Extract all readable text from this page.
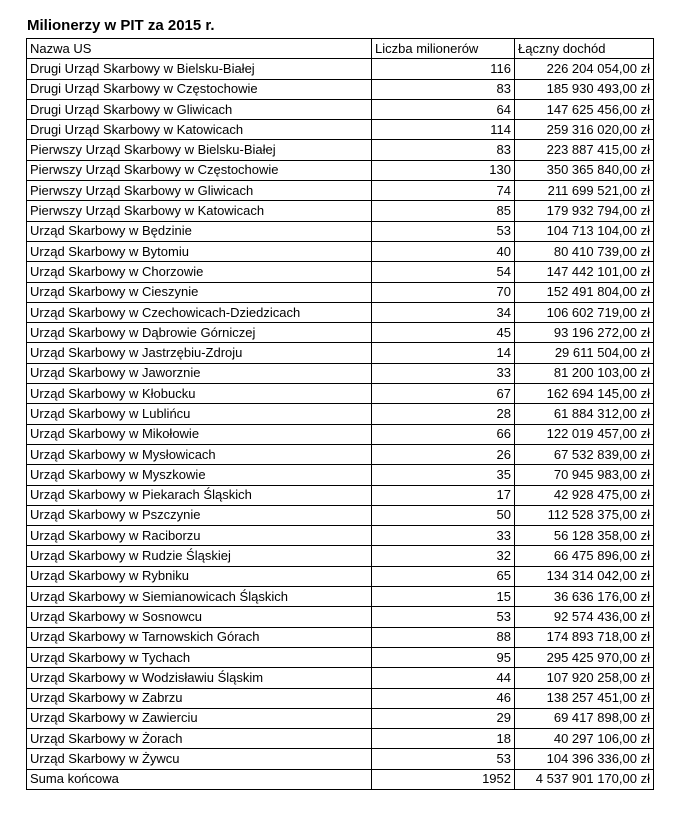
Milionerzy w PIT za 2015 r.
Nazwa US	Liczba milionerów	Łączny dochód
Drugi Urząd Skarbowy w Bielsku-Białej	116	226 204 054,00 zł
Drugi Urząd Skarbowy w Częstochowie	83	185 930 493,00 zł
Drugi Urząd Skarbowy w Gliwicach	64	147 625 456,00 zł
Drugi Urząd Skarbowy w Katowicach	114	259 316 020,00 zł
Pierwszy Urząd Skarbowy w Bielsku-Białej	83	223 887 415,00 zł
Pierwszy Urząd Skarbowy w Częstochowie	130	350 365 840,00 zł
Pierwszy Urząd Skarbowy w Gliwicach	74	211 699 521,00 zł
Pierwszy Urząd Skarbowy w Katowicach	85	179 932 794,00 zł
Urząd Skarbowy w Będzinie	53	104 713 104,00 zł
Urząd Skarbowy w Bytomiu	40	80 410 739,00 zł
Urząd Skarbowy w Chorzowie	54	147 442 101,00 zł
Urząd Skarbowy w Cieszynie	70	152 491 804,00 zł
Urząd Skarbowy w Czechowicach-Dziedzicach	34	106 602 719,00 zł
Urząd Skarbowy w Dąbrowie Górniczej	45	93 196 272,00 zł
Urząd Skarbowy w Jastrzębiu-Zdroju	14	29 611 504,00 zł
Urząd Skarbowy w Jaworznie	33	81 200 103,00 zł
Urząd Skarbowy w Kłobucku	67	162 694 145,00 zł
Urząd Skarbowy w Lublińcu	28	61 884 312,00 zł
Urząd Skarbowy w Mikołowie	66	122 019 457,00 zł
Urząd Skarbowy w Mysłowicach	26	67 532 839,00 zł
Urząd Skarbowy w Myszkowie	35	70 945 983,00 zł
Urząd Skarbowy w Piekarach Śląskich	17	42 928 475,00 zł
Urząd Skarbowy w Pszczynie	50	112 528 375,00 zł
Urząd Skarbowy w Raciborzu	33	56 128 358,00 zł
Urząd Skarbowy w Rudzie Śląskiej	32	66 475 896,00 zł
Urząd Skarbowy w Rybniku	65	134 314 042,00 zł
Urząd Skarbowy w Siemianowicach Śląskich	15	36 636 176,00 zł
Urząd Skarbowy w Sosnowcu	53	92 574 436,00 zł
Urząd Skarbowy w Tarnowskich Górach	88	174 893 718,00 zł
Urząd Skarbowy w Tychach	95	295 425 970,00 zł
Urząd Skarbowy w Wodzisławiu Śląskim	44	107 920 258,00 zł
Urząd Skarbowy w Zabrzu	46	138 257 451,00 zł
Urząd Skarbowy w Zawierciu	29	69 417 898,00 zł
Urząd Skarbowy w Żorach	18	40 297 106,00 zł
Urząd Skarbowy w Żywcu	53	104 396 336,00 zł
Suma końcowa	1952	4 537 901 170,00 zł
